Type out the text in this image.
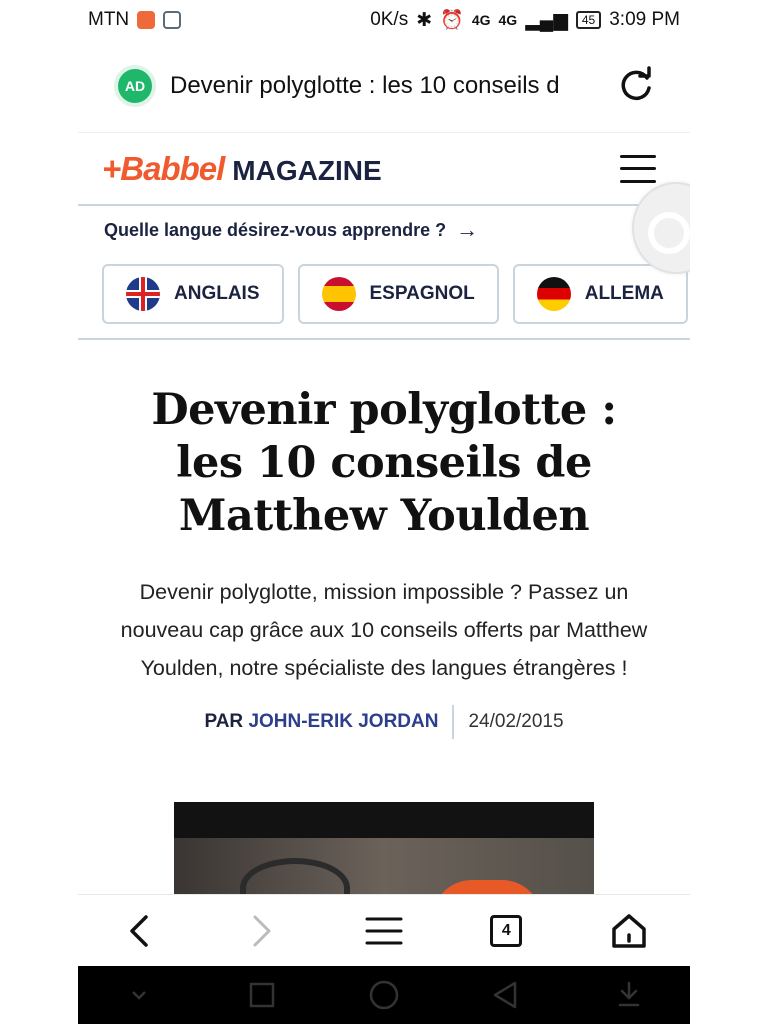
MTN	0K/s ✱ ⏰ 4G 4G ▂▄▆	45 3:09 PM
AD	Devenir polyglotte : les 10 conseils d
+Babbel MAGAZINE
Quelle langue désirez-vous apprendre ? →
ANGLAIS	ESPAGNOL	ALLEMA
Devenir polyglotte : les 10 conseils de Matthew Youlden

Devenir polyglotte, mission impossible ? Passez un nouveau cap grâce aux 10 conseils offerts par Matthew Youlden, notre spécialiste des langues étrangères !

PAR JOHN-ERIK JORDAN 24/02/2015
4
